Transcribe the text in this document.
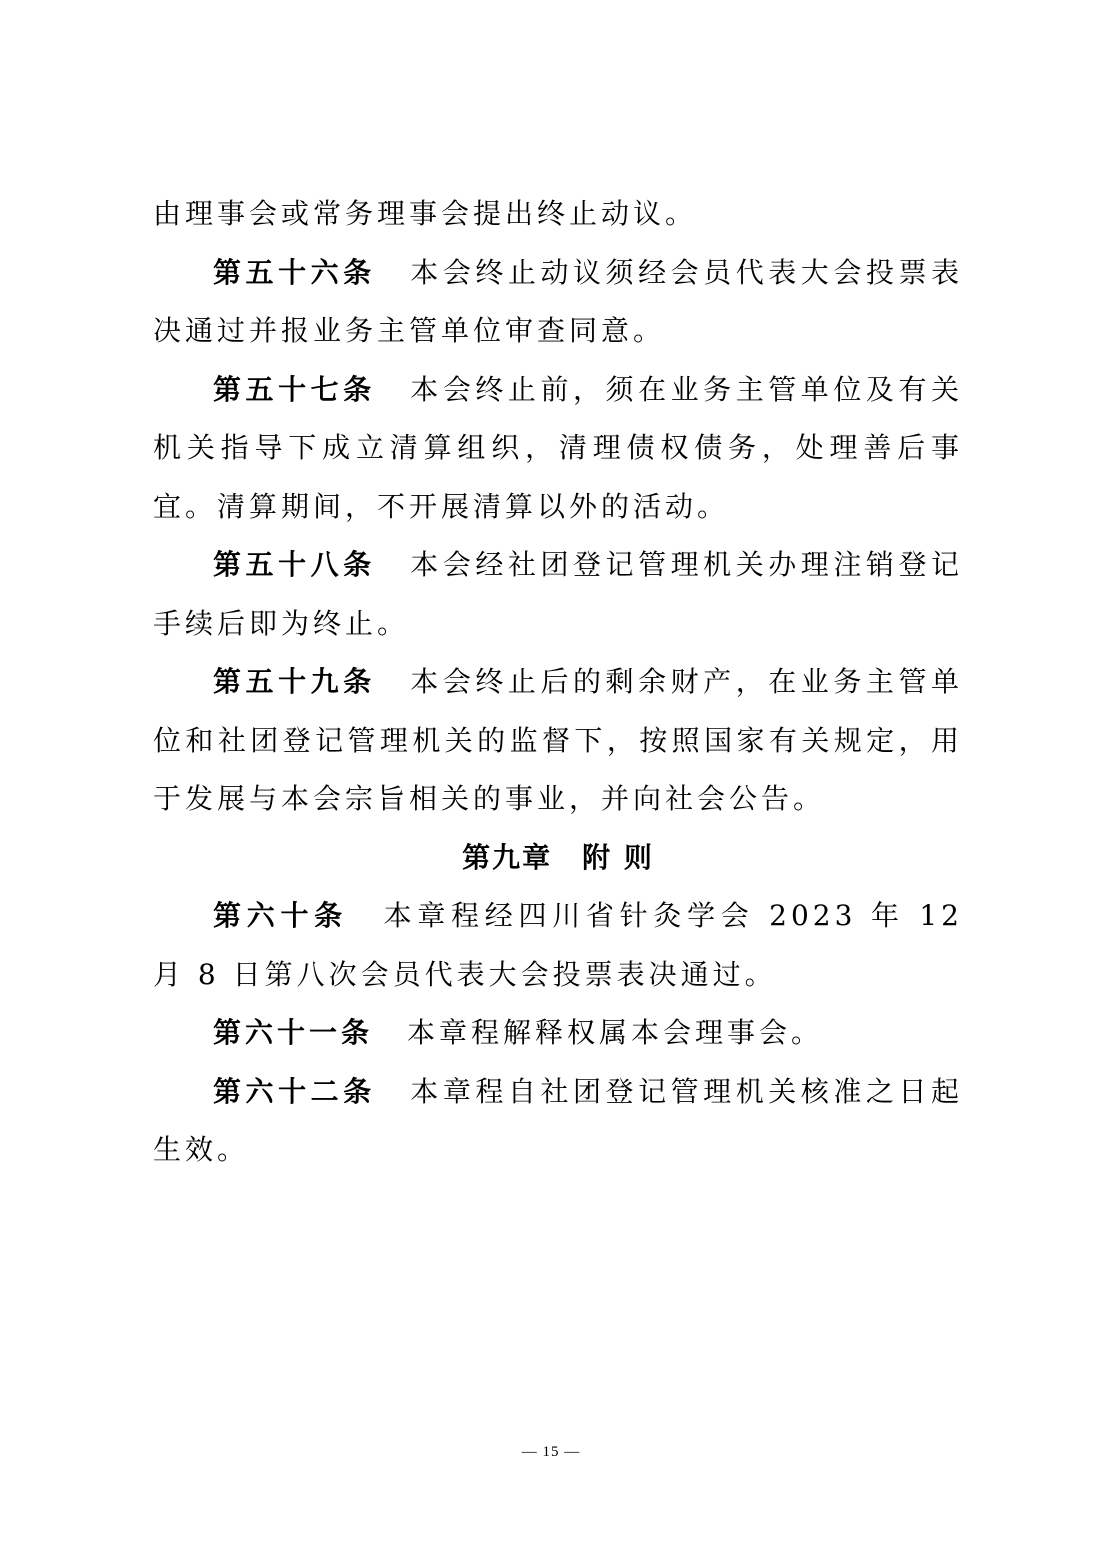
由理事会或常务理事会提出终止动议。

第五十六条 本会终止动议须经会员代表大会投票表决通过并报业务主管单位审查同意。

第五十七条 本会终止前，须在业务主管单位及有关机关指导下成立清算组织，清理债权债务，处理善后事宜。清算期间，不开展清算以外的活动。

第五十八条 本会经社团登记管理机关办理注销登记手续后即为终止。

第五十九条 本会终止后的剩余财产，在业务主管单位和社团登记管理机关的监督下，按照国家有关规定，用于发展与本会宗旨相关的事业，并向社会公告。

第九章 附 则

第六十条 本章程经四川省针灸学会 2023 年 12 月 8 日第八次会员代表大会投票表决通过。

第六十一条 本章程解释权属本会理事会。

第六十二条 本章程自社团登记管理机关核准之日起生效。

— 15 —
